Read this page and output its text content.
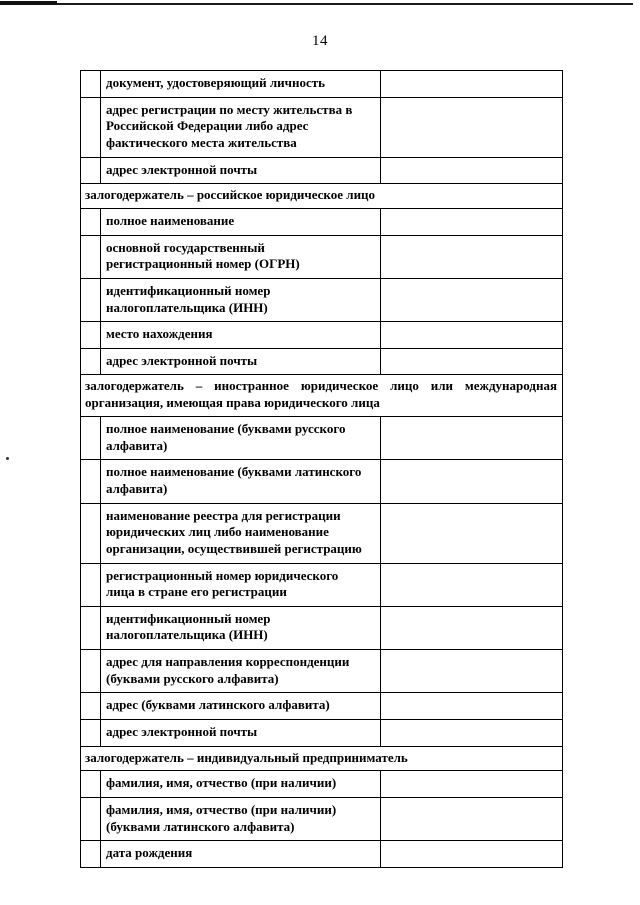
14
документ, удостоверяющий личность
адрес регистрации по месту жительства в Российской Федерации либо адрес фактического места жительства
адрес электронной почты
залогодержатель – российское юридическое лицо
полное наименование
основной государственный регистрационный номер (ОГРН)
идентификационный номер налогоплательщика (ИНН)
место нахождения
адрес электронной почты
залогодержатель – иностранное юридическое лицо или международная организация, имеющая права юридического лица
полное наименование (буквами русского алфавита)
полное наименование (буквами латинского алфавита)
наименование реестра для регистрации юридических лиц либо наименование организации, осуществившей регистрацию
регистрационный номер юридического лица в стране его регистрации
идентификационный номер налогоплательщика (ИНН)
адрес для направления корреспонденции (буквами русского алфавита)
адрес (буквами латинского алфавита)
адрес электронной почты
залогодержатель – индивидуальный предприниматель
фамилия, имя, отчество (при наличии)
фамилия, имя, отчество (при наличии) (буквами латинского алфавита)
дата рождения
